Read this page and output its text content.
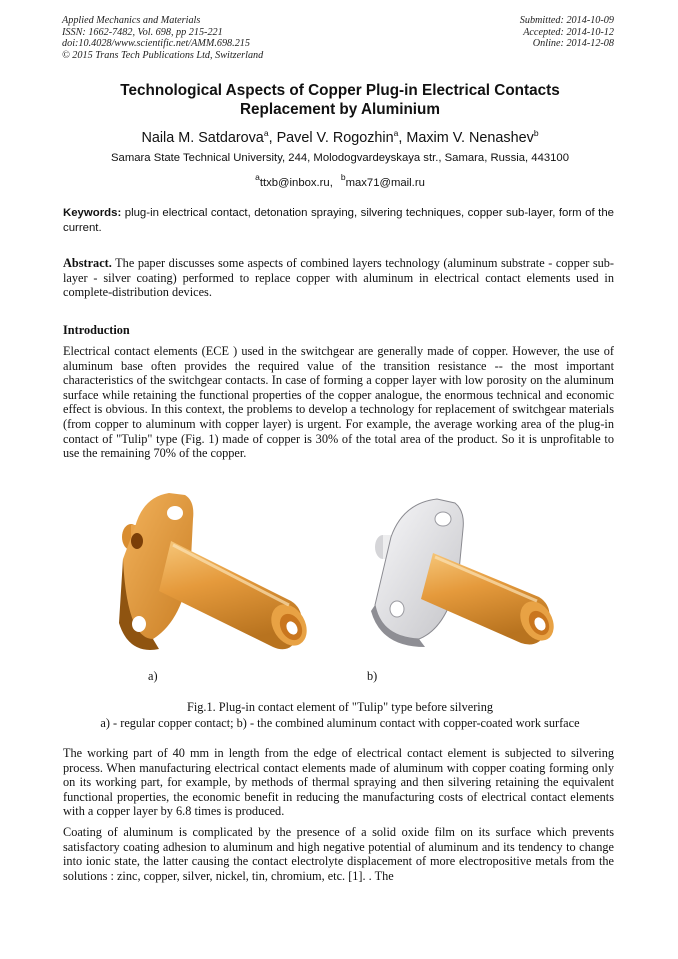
Applied Mechanics and Materials
ISSN: 1662-7482, Vol. 698, pp 215-221
doi:10.4028/www.scientific.net/AMM.698.215
© 2015 Trans Tech Publications Ltd, Switzerland
Submitted: 2014-10-09
Accepted: 2014-10-12
Online: 2014-12-08
Technological Aspects of Copper Plug-in Electrical Contacts
Replacement by Aluminium
Naila M. Satdarova$^a$, Pavel V. Rogozhin$^a$, Maxim V. Nenashev$^b$
Samara State Technical University, 244, Molodogvardeyskaya str., Samara, Russia, 443100
$^a$ttxb@inbox.ru, $^b$max71@mail.ru
Keywords: plug-in electrical contact, detonation spraying, silvering techniques, copper sub-layer, form of the current.
Abstract. The paper discusses some aspects of combined layers technology (aluminum substrate - copper sub-layer - silver coating) performed to replace copper with aluminum in electrical contact elements used in complete-distribution devices.
Introduction
Electrical contact elements (ECE ) used in the switchgear are generally made of copper. However, the use of aluminum base often provides the required value of the transition resistance -- the most important characteristics of the switchgear contacts. In case of forming a copper layer with low porosity on the aluminum surface while retaining the functional properties of the copper analogue, the enormous technical and economic effect is obvious. In this context, the problems to develop a technology for replacement of switchgear materials (from copper to aluminum with copper layer) is urgent. For example, the average working area of the plug-in contact of "Tulip" type (Fig. 1) made of copper is 30% of the total area of the product. So it is unprofitable to use the remaining 70% of the copper.
a)	b)
Fig.1. Plug-in contact element of "Tulip" type before silvering
a) - regular copper contact; b) - the combined aluminum contact with copper-coated work surface
The working part of 40 mm in length from the edge of electrical contact element is subjected to silvering process. When manufacturing electrical contact elements made of aluminum with copper coating forming only on its working part, for example, by methods of thermal spraying and then silvering retaining the equivalent functional properties, the economic benefit in reducing the manufacturing costs of electrical contact elements with a copper layer by 6.8 times is produced.
Coating of aluminum is complicated by the presence of a solid oxide film on its surface which prevents satisfactory coating adhesion to aluminum and high negative potential of aluminum and its tendency to change into ionic state, the latter causing the contact electrolyte displacement of more electropositive metals from the solutions : zinc, copper, silver, nickel, tin, chromium, etc. [1]. . The
